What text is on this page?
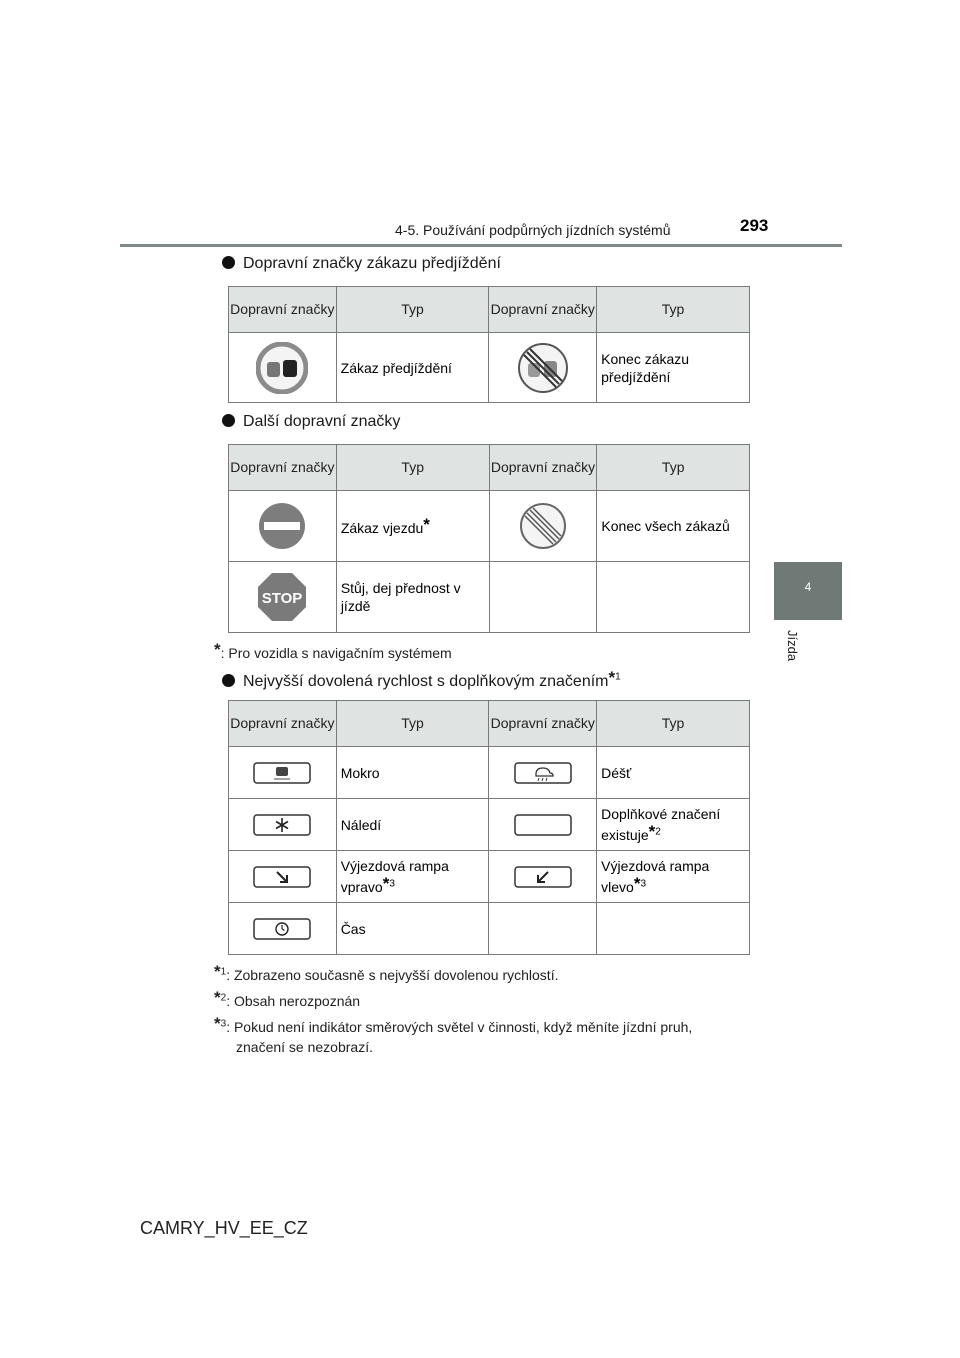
4-5. Používání podpůrných jízdních systémů	293
4
Jízda
Dopravní značky zákazu předjíždění
Dopravní značky	Typ	Dopravní značky	Typ
	Zákaz předjíždění		Konec zákazu předjíždění
Další dopravní značky
Dopravní značky	Typ	Dopravní značky	Typ
	Zákaz vjezdu*		Konec všech zákazů

STOP	Stůj, dej přednost v jízdě		
*: Pro vozidla s navigačním systémem
Nejvyšší dovolená rychlost s doplňkovým značením*$^1$
Dopravní značky	Typ	Dopravní značky	Typ
	Mokro		Déšť
	Náledí		Doplňkové značení existuje*$^2$
	Výjezdová rampa vpravo*$^3$		Výjezdová rampa vlevo*$^3$
	Čas		
*$^1$: Zobrazeno současně s nejvyšší dovolenou rychlostí.
*$^2$: Obsah nerozpoznán
*$^3$: Pokud není indikátor směrových světel v činnosti, když měníte jízdní pruh,
značení se nezobrazí.
CAMRY_HV_EE_CZ
